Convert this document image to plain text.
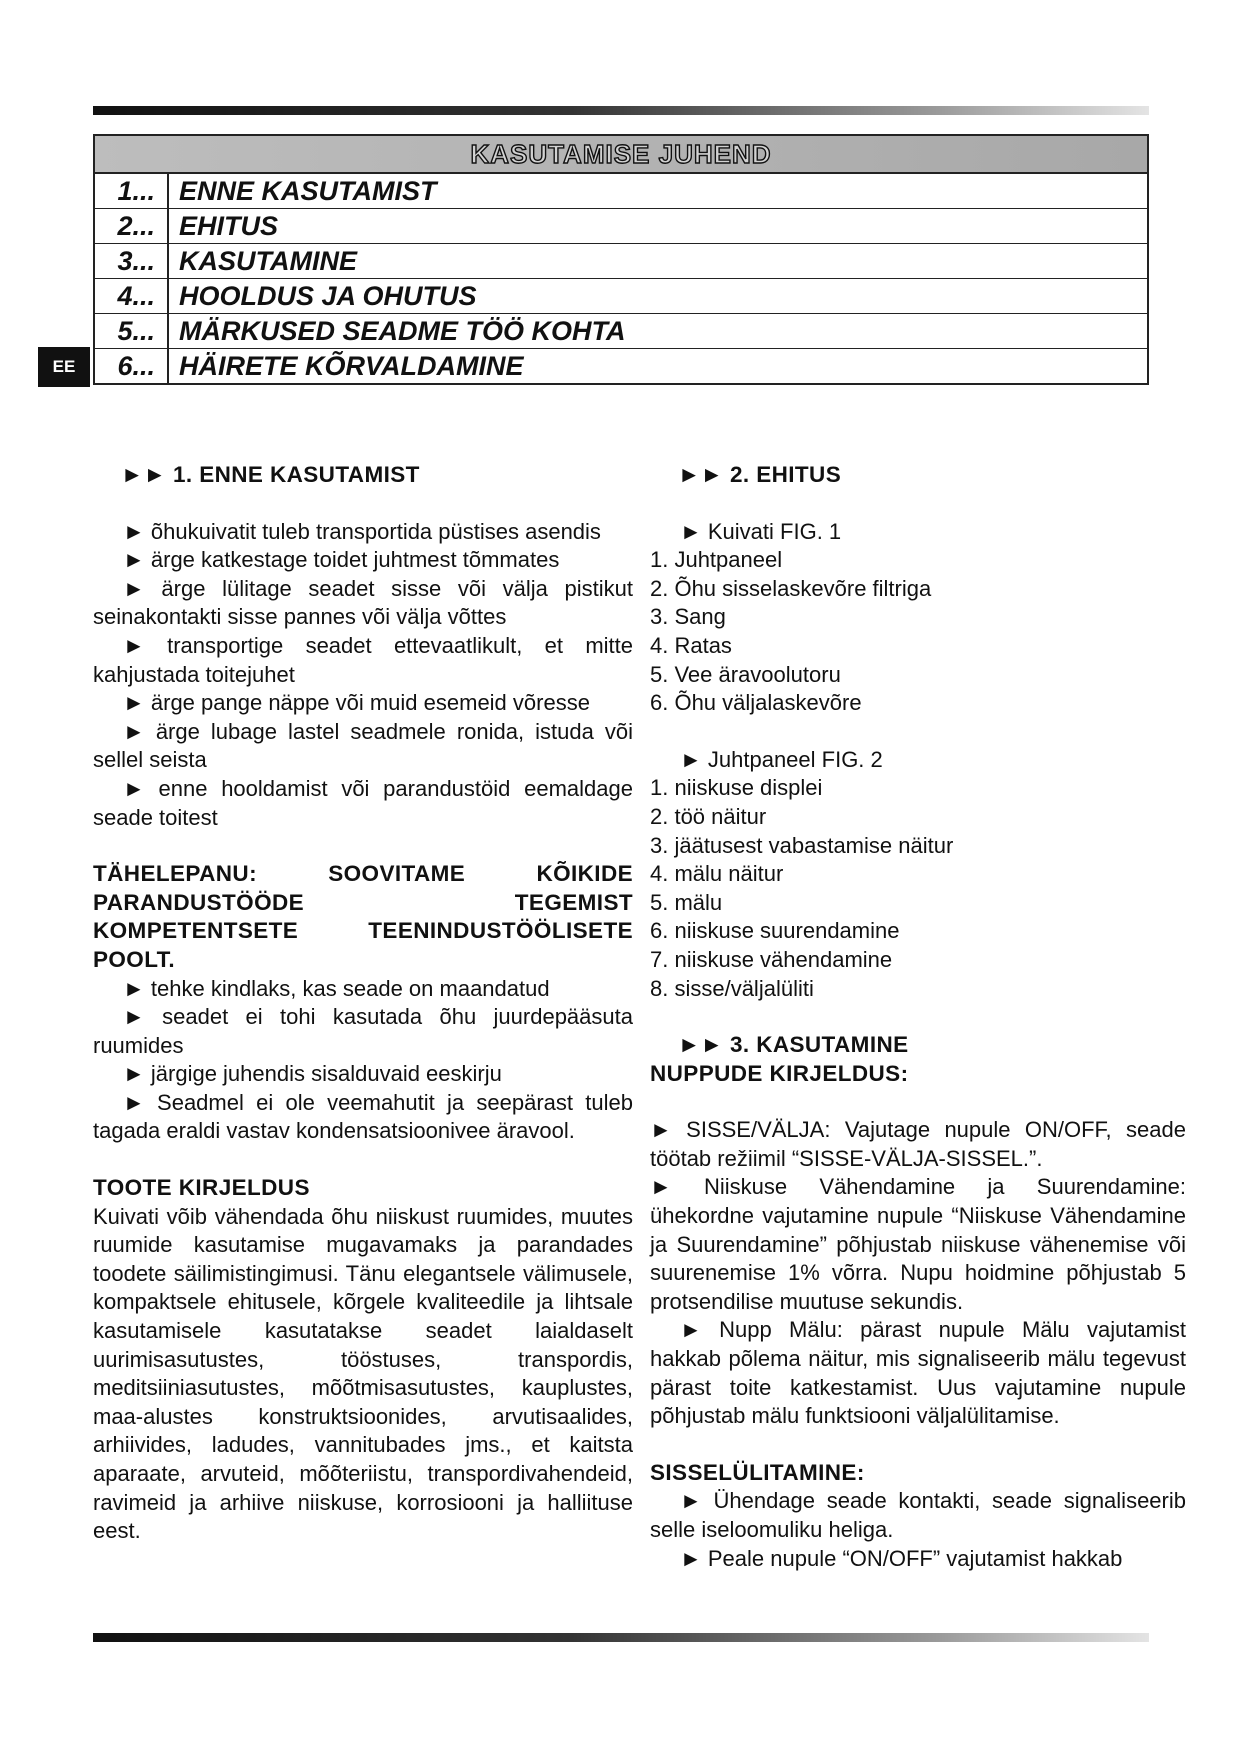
EE
KASUTAMISE JUHEND
1... ENNE KASUTAMIST
2... EHITUS
3... KASUTAMINE
4... HOOLDUS JA OHUTUS
5... MÄRKUSED SEADME TÖÖ KOHTA
6... HÄIRETE KÕRVALDAMINE

►► 1. ENNE KASUTAMIST

► õhukuivatit tuleb transportida püstises asendis

► ärge katkestage toidet juhtmest tõmmates

► ärge lülitage seadet sisse või välja pistikut seinakontakti sisse pannes või välja võttes

► transportige seadet ettevaatlikult, et mitte kahjustada toitejuhet

► ärge pange näppe või muid esemeid võresse

► ärge lubage lastel seadmele ronida, istuda või sellel seista

► enne hooldamist või parandustöid eemaldage seade toitest

TÄHELEPANU: SOOVITAME KÕIKIDE PARANDUSTÖÖDE TEGEMIST KOMPETENTSETE TEENINDUSTÖÖLISETE POOLT.

► tehke kindlaks, kas seade on maandatud

► seadet ei tohi kasutada õhu juurdepääsuta ruumides

► järgige juhendis sisalduvaid eeskirju

► Seadmel ei ole veemahutit ja seepärast tuleb tagada eraldi vastav kondensatsioonivee äravool.

TOOTE KIRJELDUS

Kuivati võib vähendada õhu niiskust ruumides, muutes ruumide kasutamise mugavamaks ja parandades toodete säilimistingimusi. Tänu elegantsele välimusele, kompaktsele ehitusele, kõrgele kvaliteedile ja lihtsale kasutamisele kasutatakse seadet laialdaselt uurimisasutustes, tööstuses, transpordis, meditsiiniasutustes, mõõtmisasutustes, kauplustes, maa-alustes konstruktsioonides, arvutisaalides, arhiivides, ladudes, vannitubades jms., et kaitsta aparaate, arvuteid, mõõteriistu, transpordivahendeid, ravimeid ja arhiive niiskuse, korrosiooni ja halliituse eest.

►► 2. EHITUS

► Kuivati FIG. 1

1. Juhtpaneel

2. Õhu sisselaskevõre filtriga

3. Sang

4. Ratas

5. Vee äravoolutoru

6. Õhu väljalaskevõre

► Juhtpaneel FIG. 2

1. niiskuse displei

2. töö näitur

3. jäätusest vabastamise näitur

4. mälu näitur

5. mälu

6. niiskuse suurendamine

7. niiskuse vähendamine

8. sisse/väljalüliti

►► 3. KASUTAMINE

NUPPUDE KIRJELDUS:

► SISSE/VÄLJA: Vajutage nupule ON/OFF, seade töötab režiimil “SISSE-VÄLJA-SISSEL.”.

► Niiskuse Vähendamine ja Suurendamine: ühekordne vajutamine nupule “Niiskuse Vähendamine ja Suurendamine” põhjustab niiskuse vähenemise või suurenemise 1% võrra. Nupu hoidmine põhjustab 5 protsendilise muutuse sekundis.

► Nupp Mälu: pärast nupule Mälu vajutamist hakkab põlema näitur, mis signaliseerib mälu tegevust pärast toite katkestamist. Uus vajutamine nupule põhjustab mälu funktsiooni väljalülitamise.

SISSELÜLITAMINE:

► Ühendage seade kontakti, seade signaliseerib selle iseloomuliku heliga.

► Peale nupule “ON/OFF” vajutamist hakkab
